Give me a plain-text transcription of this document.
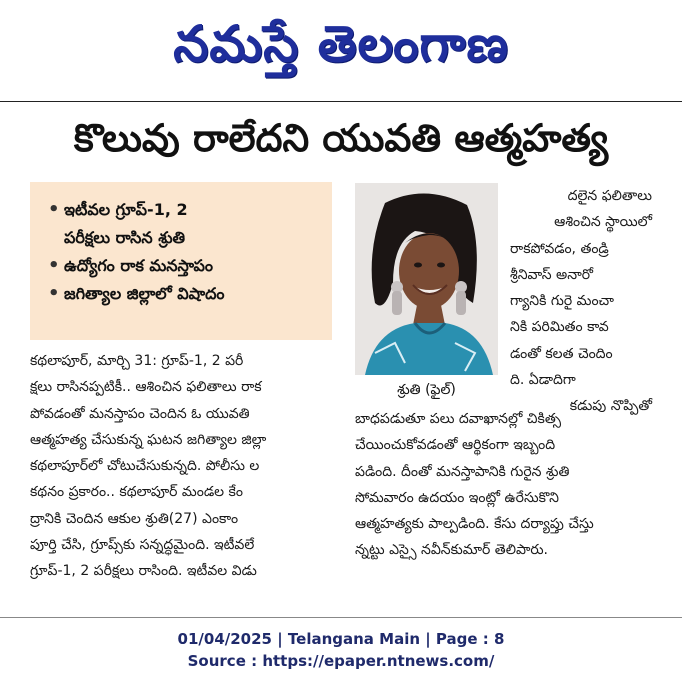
నమస్తే తెలంగాణ
కొలువు రాలేదని యువతి ఆత్మహత్య
• ఇటీవల గ్రూప్-1, 2
పరీక్షలు రాసిన శ్రుతి
• ఉద్యోగం రాక మనస్తాపం
• జగిత్యాల జిల్లాలో విషాదం
శ్రుతి (ఫైల్)

కథలాపూర్, మార్చి 31: గ్రూప్-1, 2 పరీ

క్షలు రాసినప్పటికీ.. ఆశించిన ఫలితాలు రాక

పోవడంతో మనస్తాపం చెందిన ఓ యువతి

ఆత్మహత్య చేసుకున్న ఘటన జగిత్యాల జిల్లా

కథలాపూర్‌లో చోటుచేసుకున్నది. పోలీసు ల

కథనం ప్రకారం.. కథలాపూర్ మండల కేం

ద్రానికి చెందిన ఆకుల శ్రుతి(27) ఎంకాం

పూర్తి చేసి, గ్రూప్స్‌కు సన్నద్ధమైంది. ఇటీవలే

గ్రూప్-1, 2 పరీక్షలు రాసింది. ఇటీవల విడు

దలైన ఫలితాలు

ఆశించిన స్థాయిలో

రాకపోవడం, తండ్రి

శ్రీనివాస్ అనారో

గ్యానికి గురై మంచా

నికి పరిమితం కావ

డంతో కలత చెందిం

ది. ఏడాదిగా

కడుపు నొప్పితో

బాధపడుతూ పలు దవాఖానల్లో చికిత్స

చేయించుకోవడంతో ఆర్థికంగా ఇబ్బంది

పడింది. దీంతో మనస్తాపానికి గురైన శ్రుతి

సోమవారం ఉదయం ఇంట్లో ఉరేసుకొని

ఆత్మహత్యకు పాల్పడింది. కేసు దర్యాప్తు చేస్తు

న్నట్టు ఎస్సై నవీన్‌కుమార్ తెలిపారు.

01/04/2025 | Telangana Main | Page : 8
Source : https://epaper.ntnews.com/
